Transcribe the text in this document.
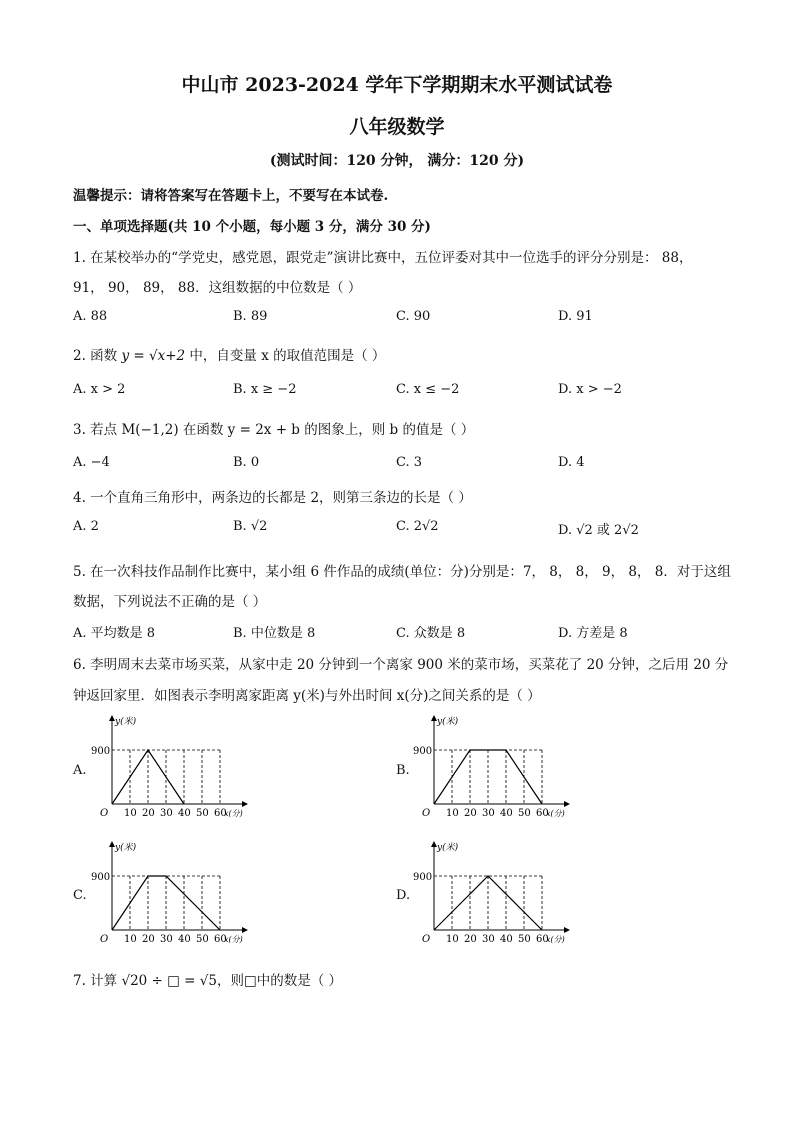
中山市 2023-2024 学年下学期期末水平测试试卷
八年级数学
(测试时间：120 分钟， 满分：120 分)
温馨提示：请将答案写在答题卡上，不要写在本试卷.
一、单项选择题(共 10 个小题，每小题 3 分，满分 30 分)
1. 在某校举办的“学党史，感党恩，跟党走”演讲比赛中，五位评委对其中一位选手的评分分别是： 88，
91， 90， 89， 88．这组数据的中位数是（ ）
A. 88	B. 89	C. 90	D. 91
2. 函数 y = √x+2 中，自变量 x 的取值范围是（ ）
A. x > 2	B. x ≥ −2	C. x ≤ −2	D. x > −2
3. 若点 M(−1,2) 在函数 y = 2x + b 的图象上，则 b 的值是（ ）
A. −4	B. 0	C. 3	D. 4
4. 一个直角三角形中，两条边的长都是 2，则第三条边的长是（ ）
A. 2	B. √2	C. 2√2	D. √2 或 2√2
5. 在一次科技作品制作比赛中，某小组 6 件作品的成绩(单位：分)分别是：7， 8， 8， 9， 8， 8．对于这组
数据，下列说法不正确的是（ ）
A. 平均数是 8	B. 中位数是 8	C. 众数是 8	D. 方差是 8
6. 李明周末去菜市场买菜，从家中走 20 分钟到一个离家 900 米的菜市场，买菜花了 20 分钟，之后用 20 分
钟返回家里．如图表示李明离家距离 y(米)与外出时间 x(分)之间关系的是（ ）
A.	B.
C.	D.
y(米)
900
O 10 20 30 40 50 60
x(分)
y(米)
900
O 10 20 30 40 50 60
x(分)
y(米)
900
O 10 20 30 40 50 60
x(分)
y(米)
900
O 10 20 30 40 50 60
x(分)
7. 计算 √20 ÷ □ = √5，则□中的数是（ ）
